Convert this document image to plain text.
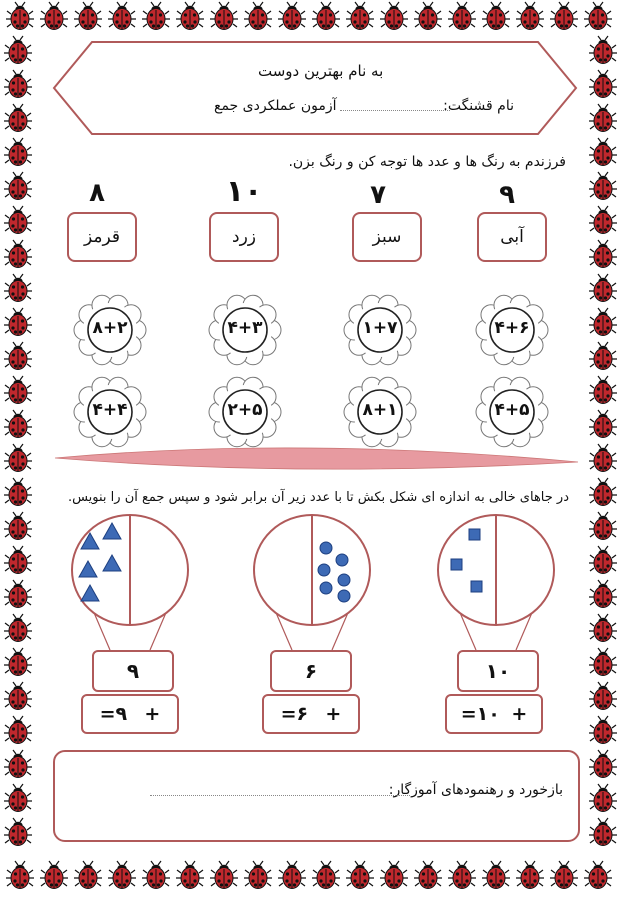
به نام بهترین دوست
نام قشنگت:
آزمون عملکردی جمع
فرزندم به رنگ ها و عدد ها توجه کن و رنگ بزن.
۹
۷
۱۰
۸
آبی
سبز
زرد
قرمز
۴+۶
۱+۷
۴+۳
۸+۲
۴+۵
۸+۱
۲+۵
۴+۴
در جاهای خالی به اندازه ای شکل بکش تا با عدد زیر آن برابر شود و سپس جمع آن را بنویس.
۱۰
۶
۹
=۱۰ +
=۶ +
=۹ +
بازخورد و رهنمودهای آموزگار:
